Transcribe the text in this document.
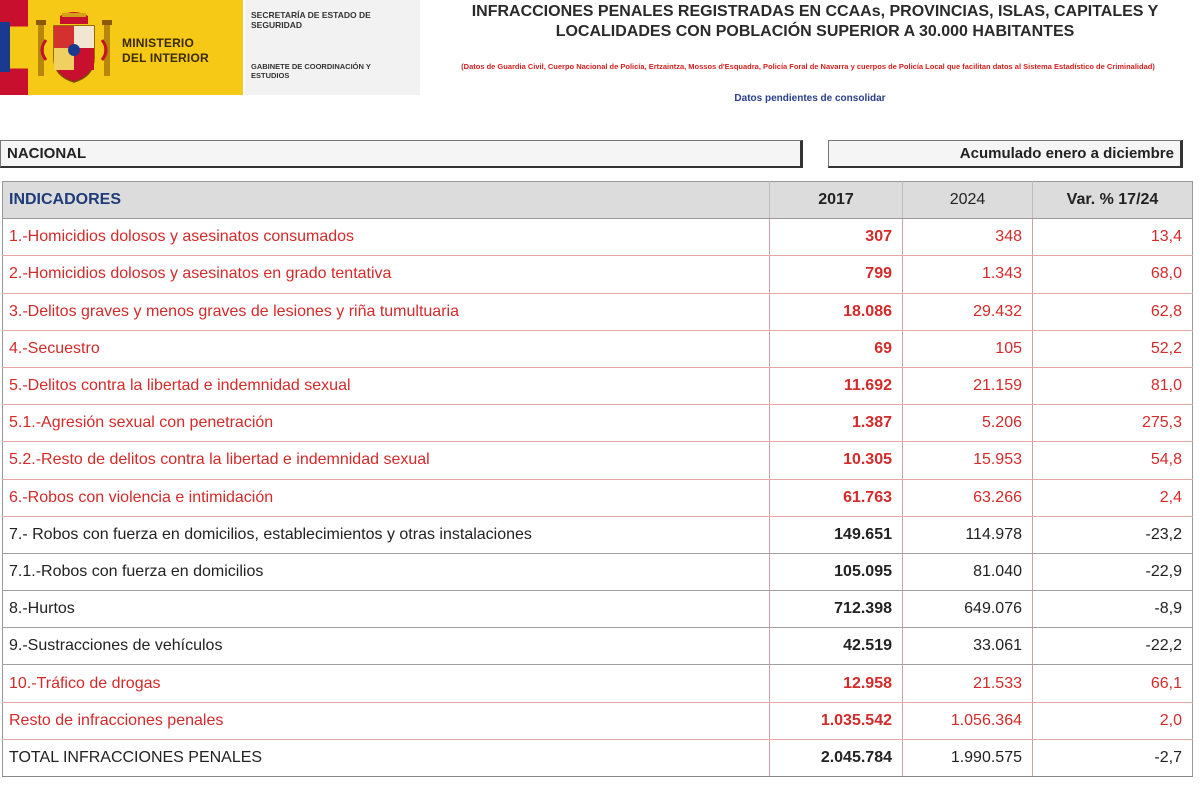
MINISTERIO
DEL INTERIOR
SECRETARÍA DE ESTADO DE SEGURIDAD
GABINETE DE COORDINACIÓN Y ESTUDIOS
INFRACCIONES PENALES REGISTRADAS EN CCAAs, PROVINCIAS, ISLAS, CAPITALES Y LOCALIDADES CON POBLACIÓN SUPERIOR A 30.000 HABITANTES
(Datos de Guardia Civil, Cuerpo Nacional de Policía, Ertzaintza, Mossos d'Esquadra, Policía Foral de Navarra y cuerpos de Policía Local que facilitan datos al Sistema Estadístico de Criminalidad)
Datos pendientes de consolidar
NACIONAL	Acumulado enero a diciembre
INDICADORES	2017	2024	Var. % 17/24
1.-Homicidios dolosos y asesinatos consumados	307	348	13,4
2.-Homicidios dolosos y asesinatos en grado tentativa	799	1.343	68,0
3.-Delitos graves y menos graves de lesiones y riña tumultuaria	18.086	29.432	62,8
4.-Secuestro	69	105	52,2
5.-Delitos contra la libertad e indemnidad sexual	11.692	21.159	81,0
5.1.-Agresión sexual con penetración	1.387	5.206	275,3
5.2.-Resto de delitos contra la libertad e indemnidad sexual	10.305	15.953	54,8
6.-Robos con violencia e intimidación	61.763	63.266	2,4
7.- Robos con fuerza en domicilios, establecimientos y otras instalaciones	149.651	114.978	-23,2
7.1.-Robos con fuerza en domicilios	105.095	81.040	-22,9
8.-Hurtos	712.398	649.076	-8,9
9.-Sustracciones de vehículos	42.519	33.061	-22,2
10.-Tráfico de drogas	12.958	21.533	66,1
Resto de infracciones penales	1.035.542	1.056.364	2,0
TOTAL INFRACCIONES PENALES	2.045.784	1.990.575	-2,7
